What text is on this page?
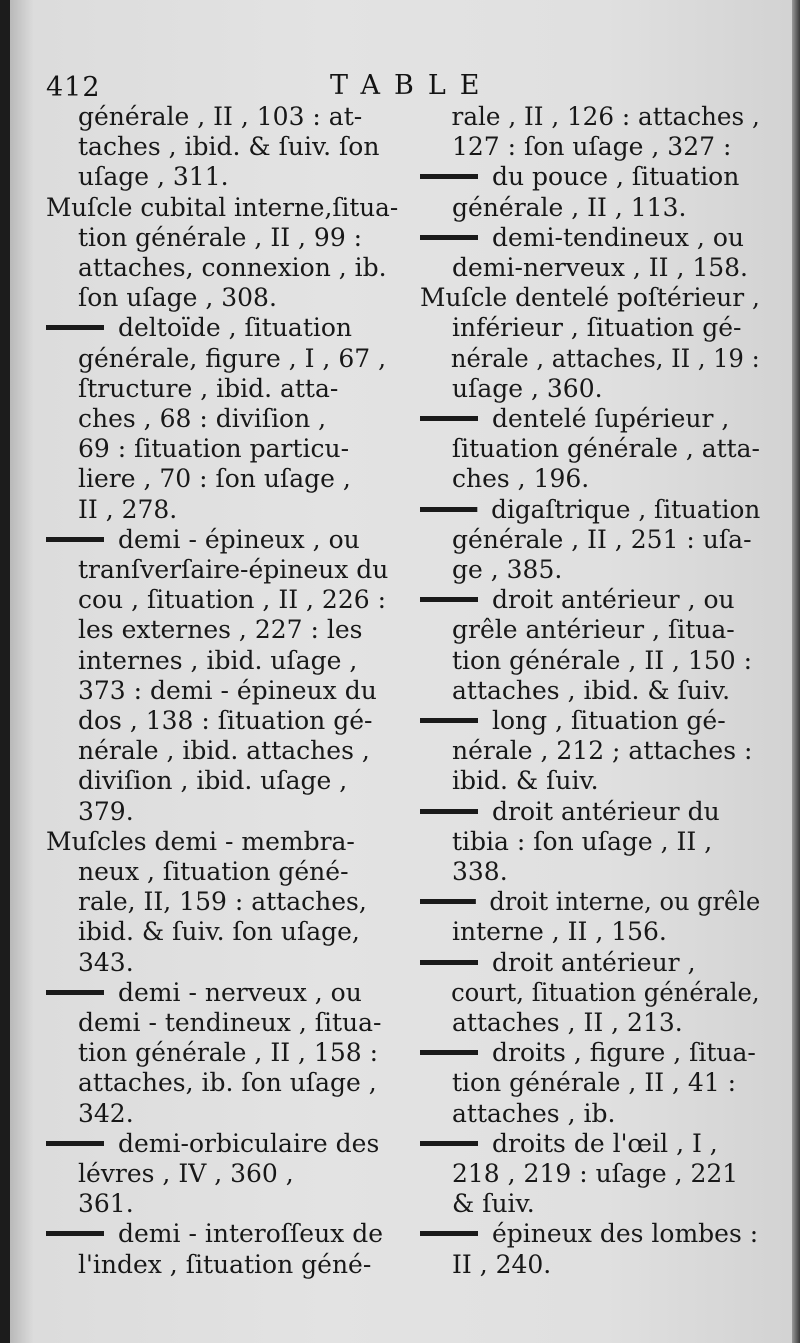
412	TABLE
générale , II , 103 : at-
taches , ibid. & ſuiv. ſon
uſage , 311.
Muſcle cubital interne,ſitua-
tion générale , II , 99 :
attaches, connexion , ib.
ſon uſage , 308.
deltoïde , ſituation
générale, figure , I , 67 ,
ſtructure , ibid. atta-
ches , 68 : diviſion ,
69 : ſituation particu-
liere , 70 : ſon uſage ,
II , 278.
demi - épineux , ou
tranſverſaire-épineux du
cou , ſituation , II , 226 :
les externes , 227 : les
internes , ibid. uſage ,
373 : demi - épineux du
dos , 138 : ſituation gé-
nérale , ibid. attaches ,
diviſion , ibid. uſage ,
379.
Muſcles demi - membra-
neux , ſituation géné-
rale, II, 159 : attaches,
ibid. & ſuiv. ſon uſage,
343.
demi - nerveux , ou
demi - tendineux , ſitua-
tion générale , II , 158 :
attaches, ib. ſon uſage ,
342.
demi-orbiculaire des
lévres , IV , 360 ,
361.
demi - interoſſeux de
l'index , ſituation géné-
rale , II , 126 : attaches ,
127 : ſon uſage , 327 :
du pouce , ſituation
générale , II , 113.
demi-tendineux , ou
demi-nerveux , II , 158.
Muſcle dentelé poſtérieur ,
inférieur , ſituation gé-
nérale , attaches, II , 19 :
uſage , 360.
dentelé ſupérieur ,
ſituation générale , atta-
ches , 196.
digaſtrique , ſituation
générale , II , 251 : uſa-
ge , 385.
droit antérieur , ou
grêle antérieur , ſitua-
tion générale , II , 150 :
attaches , ibid. & ſuiv.
long , ſituation gé-
nérale , 212 ; attaches :
ibid. & ſuiv.
droit antérieur du
tibia : ſon uſage , II ,
338.
droit interne, ou grêle
interne , II , 156.
droit antérieur ,
court, ſituation générale,
attaches , II , 213.
droits , figure , ſitua-
tion générale , II , 41 :
attaches , ib.
droits de l'œil , I ,
218 , 219 : uſage , 221
& ſuiv.
épineux des lombes :
II , 240.
